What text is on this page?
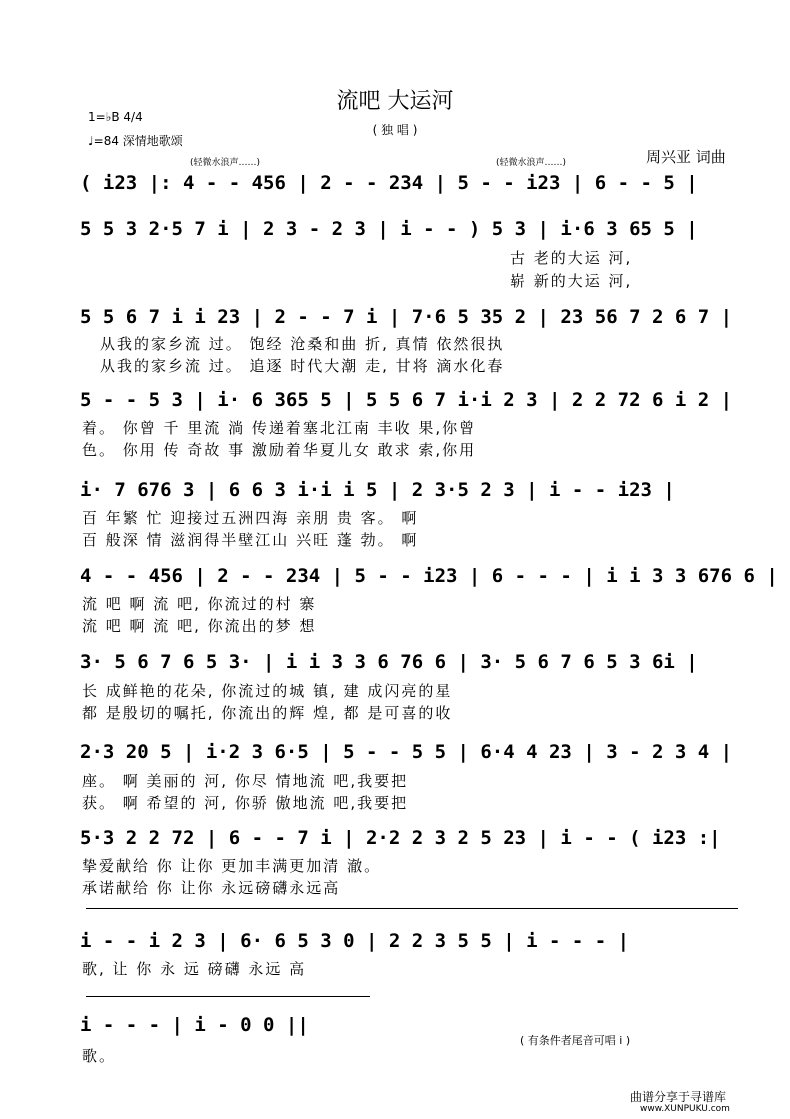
流吧 大运河
( 独 唱 )
1=♭B 4/4
♩=84 深情地歌颂
周兴亚 词曲
(轻微水浪声……)	(轻微水浪声……)
( i23 |: 4 - - 456 | 2 - - 234 | 5 - - i23 | 6 - - 5 |
5 5 3 2·5 7 i | 2 3 - 2 3 | i - - ) 5 3 | i·6 3 65 5 |
古 老的大运 河,
崭 新的大运 河,
5 5 6 7 i i 23 | 2 - - 7 i | 7·6 5 35 2 | 23 56 7 2 6 7 |
从我的家乡流 过。 饱经 沧桑和曲 折, 真情 依然很执
从我的家乡流 过。 追逐 时代大潮 走, 甘将 滴水化春
5 - - 5 3 | i· 6 365 5 | 5 5 6 7 i·i 2 3 | 2 2 72 6 i 2 |
着。 你曾 千 里流 淌 传递着塞北江南 丰收 果,你曾
色。 你用 传 奇故 事 激励着华夏儿女 敢求 索,你用
i· 7 676 3 | 6 6 3 i·i i 5 | 2 3·5 2 3 | i - - i23 |
百 年繁 忙 迎接过五洲四海 亲朋 贵 客。 啊
百 般深 情 滋润得半壁江山 兴旺 蓬 勃。 啊
4 - - 456 | 2 - - 234 | 5 - - i23 | 6 - - - | i i 3 3 676 6 |
流 吧 啊 流 吧, 你流过的村 寨
流 吧 啊 流 吧, 你流出的梦 想
3· 5 6 7 6 5 3· | i i 3 3 6 76 6 | 3· 5 6 7 6 5 3 6i |
长 成鲜艳的花朵, 你流过的城 镇, 建 成闪亮的星
都 是殷切的嘱托, 你流出的辉 煌, 都 是可喜的收
2·3 20 5 | i·2 3 6·5 | 5 - - 5 5 | 6·4 4 23 | 3 - 2 3 4 |
座。 啊 美丽的 河, 你尽 情地流 吧,我要把
获。 啊 希望的 河, 你骄 傲地流 吧,我要把
5·3 2 2 72 | 6 - - 7 i | 2·2 2 3 2 5 23 | i - - ( i23 :|
挚爱献给 你 让你 更加丰满更加清 澈。
承诺献给 你 让你 永远磅礴永远高
i - - i 2 3 | 6· 6 5 3 0 | 2 2 3 5 5 | i - - - |
歌, 让 你 永 远 磅礴 永远 高
i - - - | i - 0 0 ||
歌。
( 有条件者尾音可唱 i )
曲谱分享于寻谱库
www.XUNPUKU.com
